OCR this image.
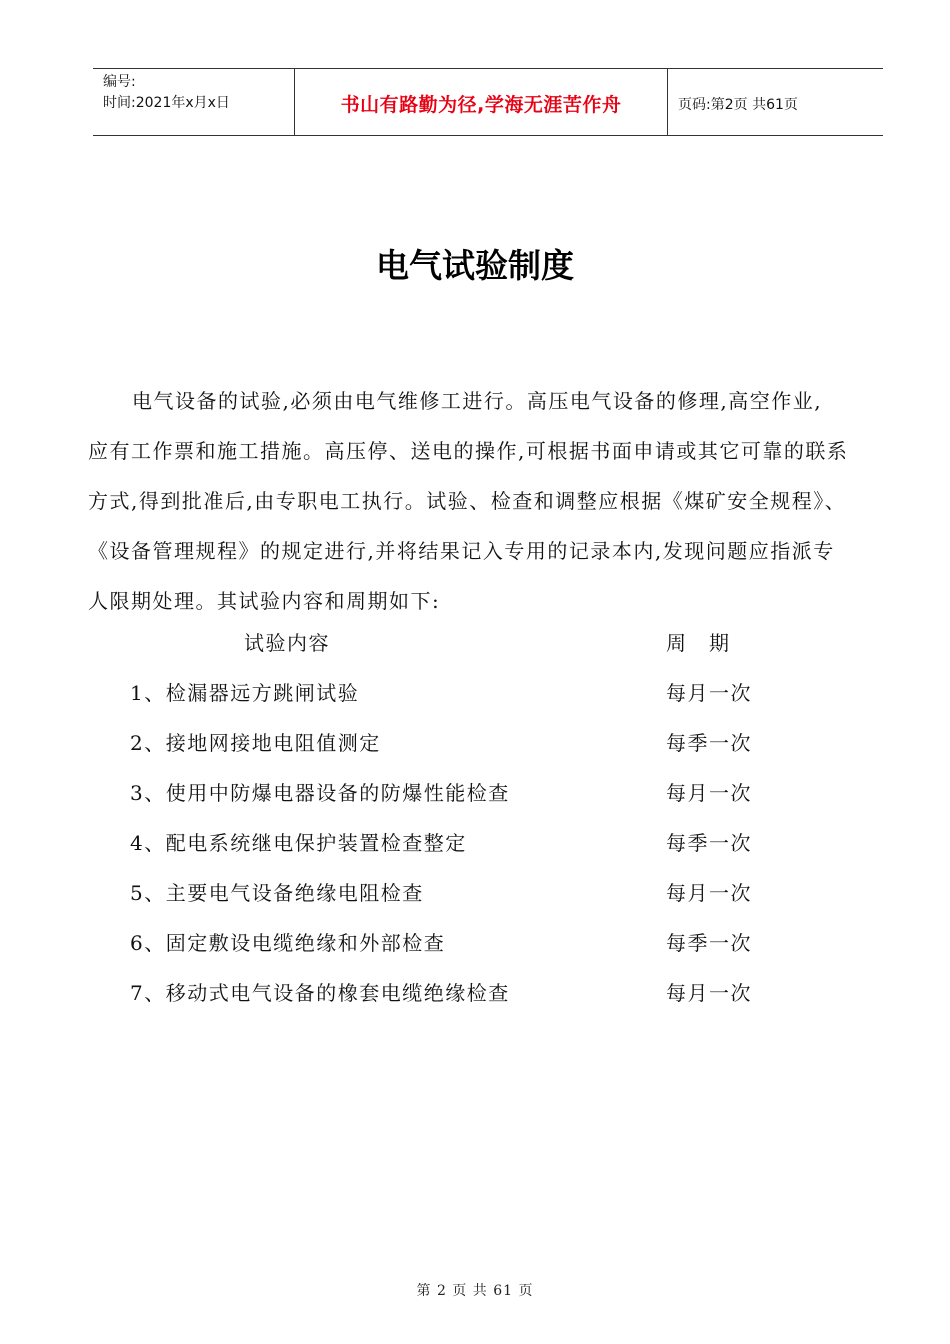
编号:
时间:2021年x月x日	书山有路勤为径,学海无涯苦作舟	页码:第2页 共61页
电气试验制度

电气设备的试验,必须由电气维修工进行。高压电气设备的修理,高空作业,
应有工作票和施工措施。高压停、送电的操作,可根据书面申请或其它可靠的联系
方式,得到批准后,由专职电工执行。试验、检查和调整应根据《煤矿安全规程》、
《设备管理规程》的规定进行,并将结果记入专用的记录本内,发现问题应指派专
人限期处理。其试验内容和周期如下:

试验内容	周　期
1、检漏器远方跳闸试验	每月一次
2、接地网接地电阻值测定	每季一次
3、使用中防爆电器设备的防爆性能检查	每月一次
4、配电系统继电保护装置检查整定	每季一次
5、主要电气设备绝缘电阻检查	每月一次
6、固定敷设电缆绝缘和外部检查	每季一次
7、移动式电气设备的橡套电缆绝缘检查	每月一次
第 2 页 共 61 页
